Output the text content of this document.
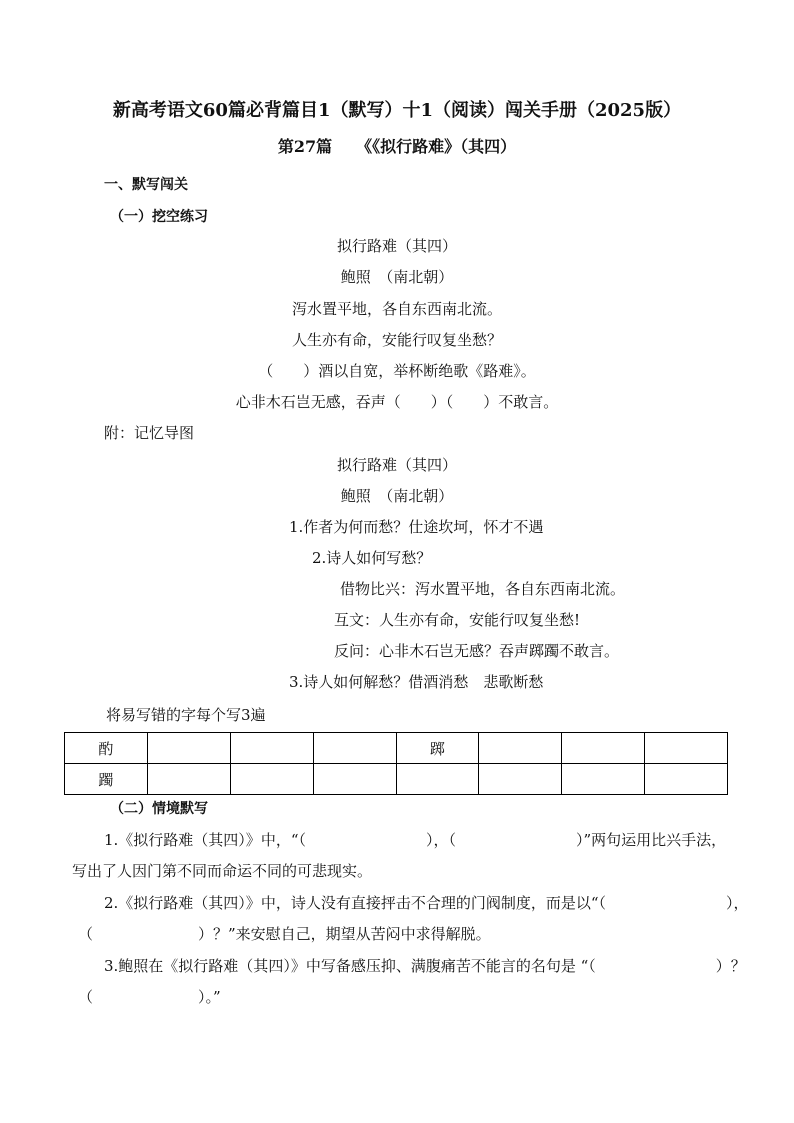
新高考语文60篇必背篇目1（默写）十1（阅读）闯关手册（2025版）
第27篇　　《《拟行路难》（其四）
一、默写闯关
（一）挖空练习
拟行路难（其四）
鲍照　（南北朝）
泻水置平地，各自东西南北流。
人生亦有命，安能行叹复坐愁？
（　　）酒以自宽，举杯断绝歌《路难》。
心非木石岂无感，吞声（　　）（　　）不敢言。
附：记忆导图
拟行路难（其四）
鲍照　（南北朝）
1.作者为何而愁？仕途坎坷，怀才不遇
2.诗人如何写愁？
借物比兴：泻水置平地，各自东西南北流。
互文：人生亦有命，安能行叹复坐愁!
反问：心非木石岂无感？吞声踯躅不敢言。
3.诗人如何解愁？借酒消愁　悲歌断愁
将易写错的字每个写3遍
酌				踯			
躅							
（二）情境默写
1.《拟行路难（其四）》中，“（　　　　　　　　），（　　　　　　　　）”两句运用比兴手法，
写出了人因门第不同而命运不同的可悲现实。
2.《拟行路难（其四）》中，诗人没有直接抨击不合理的门阀制度，而是以“（　　　　　　　　），
（　　　　　　　）？”来安慰自己，期望从苦闷中求得解脱。
3.鲍照在《拟行路难（其四）》中写备感压抑、满腹痛苦不能言的名句是 “（　　　　　　　　）？
（　　　　　　　）。”
